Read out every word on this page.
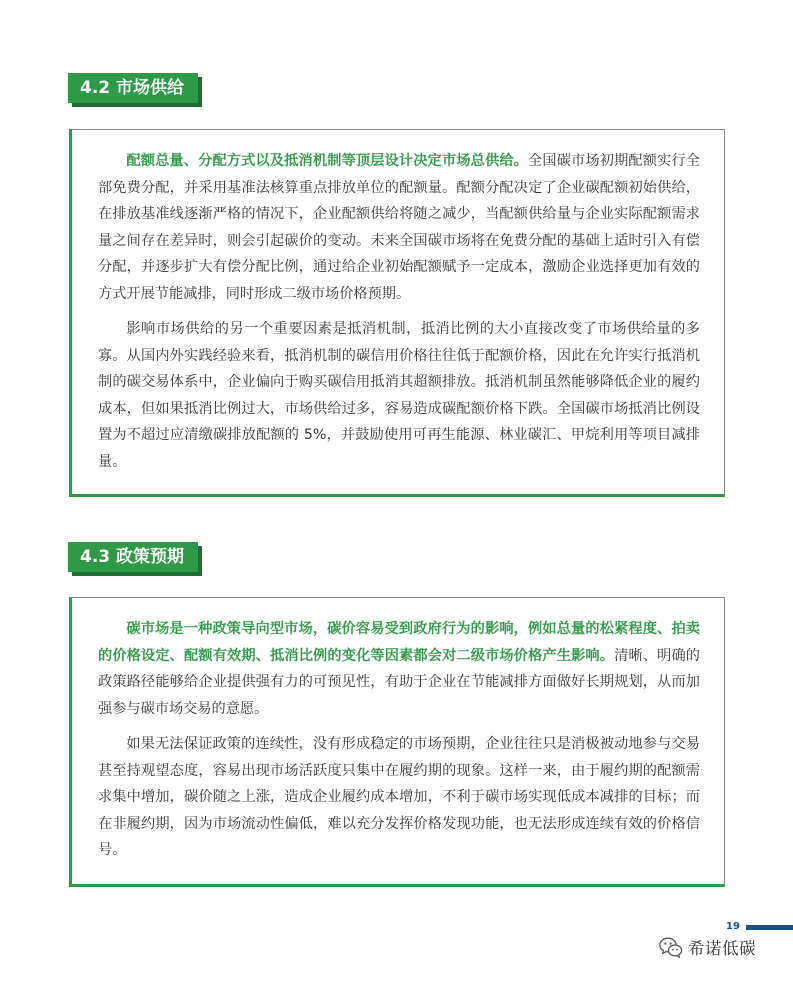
4.2 市场供给

配额总量、分配方式以及抵消机制等顶层设计决定市场总供给。全国碳市场初期配额实行全部免费分配，并采用基准法核算重点排放单位的配额量。配额分配决定了企业碳配额初始供给，在排放基准线逐渐严格的情况下，企业配额供给将随之减少，当配额供给量与企业实际配额需求量之间存在差异时，则会引起碳价的变动。未来全国碳市场将在免费分配的基础上适时引入有偿分配，并逐步扩大有偿分配比例，通过给企业初始配额赋予一定成本，激励企业选择更加有效的方式开展节能减排，同时形成二级市场价格预期。

影响市场供给的另一个重要因素是抵消机制，抵消比例的大小直接改变了市场供给量的多寡。从国内外实践经验来看，抵消机制的碳信用价格往往低于配额价格，因此在允许实行抵消机制的碳交易体系中，企业偏向于购买碳信用抵消其超额排放。抵消机制虽然能够降低企业的履约成本，但如果抵消比例过大，市场供给过多，容易造成碳配额价格下跌。全国碳市场抵消比例设置为不超过应清缴碳排放配额的 5%，并鼓励使用可再生能源、林业碳汇、甲烷利用等项目减排量。

4.3 政策预期

碳市场是一种政策导向型市场，碳价容易受到政府行为的影响，例如总量的松紧程度、拍卖的价格设定、配额有效期、抵消比例的变化等因素都会对二级市场价格产生影响。清晰、明确的政策路径能够给企业提供强有力的可预见性，有助于企业在节能减排方面做好长期规划，从而加强参与碳市场交易的意愿。

如果无法保证政策的连续性，没有形成稳定的市场预期，企业往往只是消极被动地参与交易甚至持观望态度，容易出现市场活跃度只集中在履约期的现象。这样一来，由于履约期的配额需求集中增加，碳价随之上涨，造成企业履约成本增加，不利于碳市场实现低成本减排的目标；而在非履约期，因为市场流动性偏低，难以充分发挥价格发现功能，也无法形成连续有效的价格信号。

19
希诺低碳
